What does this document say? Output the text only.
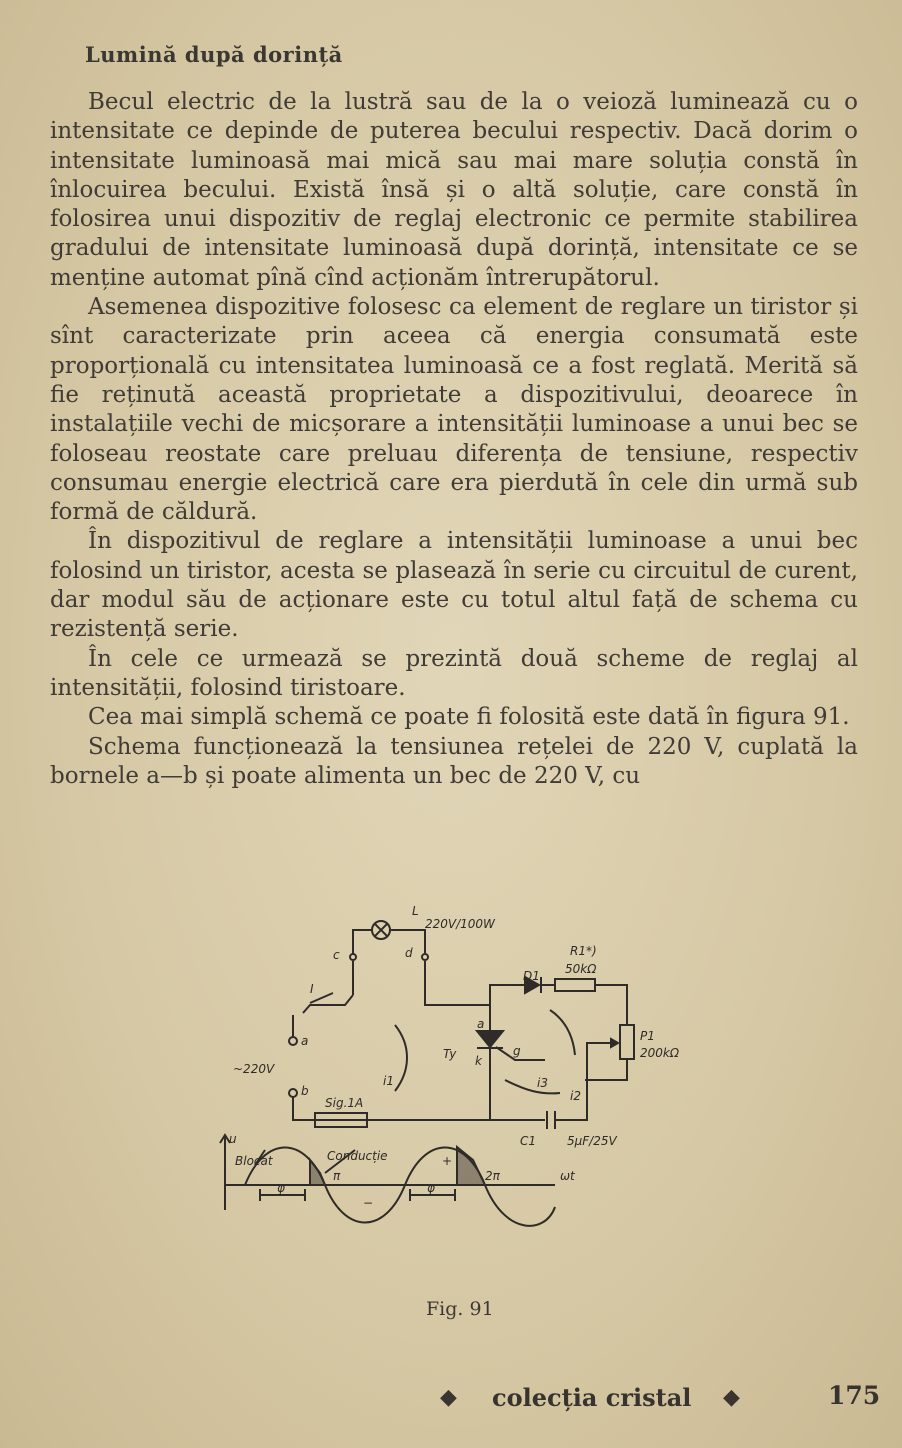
Lumină după dorință

Becul electric de la lustră sau de la o veioză luminează cu o intensitate ce depinde de puterea becului respectiv. Dacă dorim o intensitate luminoasă mai mică sau mai mare soluția constă în înlocuirea becului. Există însă și o altă soluție, care constă în folosirea unui dispozitiv de reglaj electronic ce permite stabilirea gradului de intensitate luminoasă după dorință, intensitate ce se menține automat pînă cînd acționăm întrerupătorul.

Asemenea dispozitive folosesc ca element de reglare un tiristor și sînt caracterizate prin aceea că energia consumată este proporțională cu intensitatea luminoasă ce a fost reglată. Merită să fie reținută această proprietate a dispozitivului, deoarece în instalațiile vechi de micșorare a intensității luminoase a unui bec se foloseau reostate care preluau diferența de tensiune, respectiv consumau energie electrică care era pierdută în cele din urmă sub formă de căldură.

În dispozitivul de reglare a intensității luminoase a unui bec folosind un tiristor, acesta se plasează în serie cu circuitul de curent, dar modul său de acționare este cu totul altul față de schema cu rezistență serie.

În cele ce urmează se prezintă două scheme de reglaj al intensității, folosind tiristoare.

Cea mai simplă schemă ce poate fi folosită este dată în figura 91.

Schema funcționează la tensiunea rețelei de 220 V, cuplată la bornele a—b și poate alimenta un bec de 220 V, cu

L
220V/100W
c	d
I
a
~220V
b
Sig.1A
i1
Ty
a
g
k
D1
R1*)
50kΩ
P1
200kΩ
i3
i2
C1	5μF/25V
u
ωt
Blocat	Conducție
π	2π
φ	φ
+
−
Fig. 91
◆ colecția cristal ◆	175
